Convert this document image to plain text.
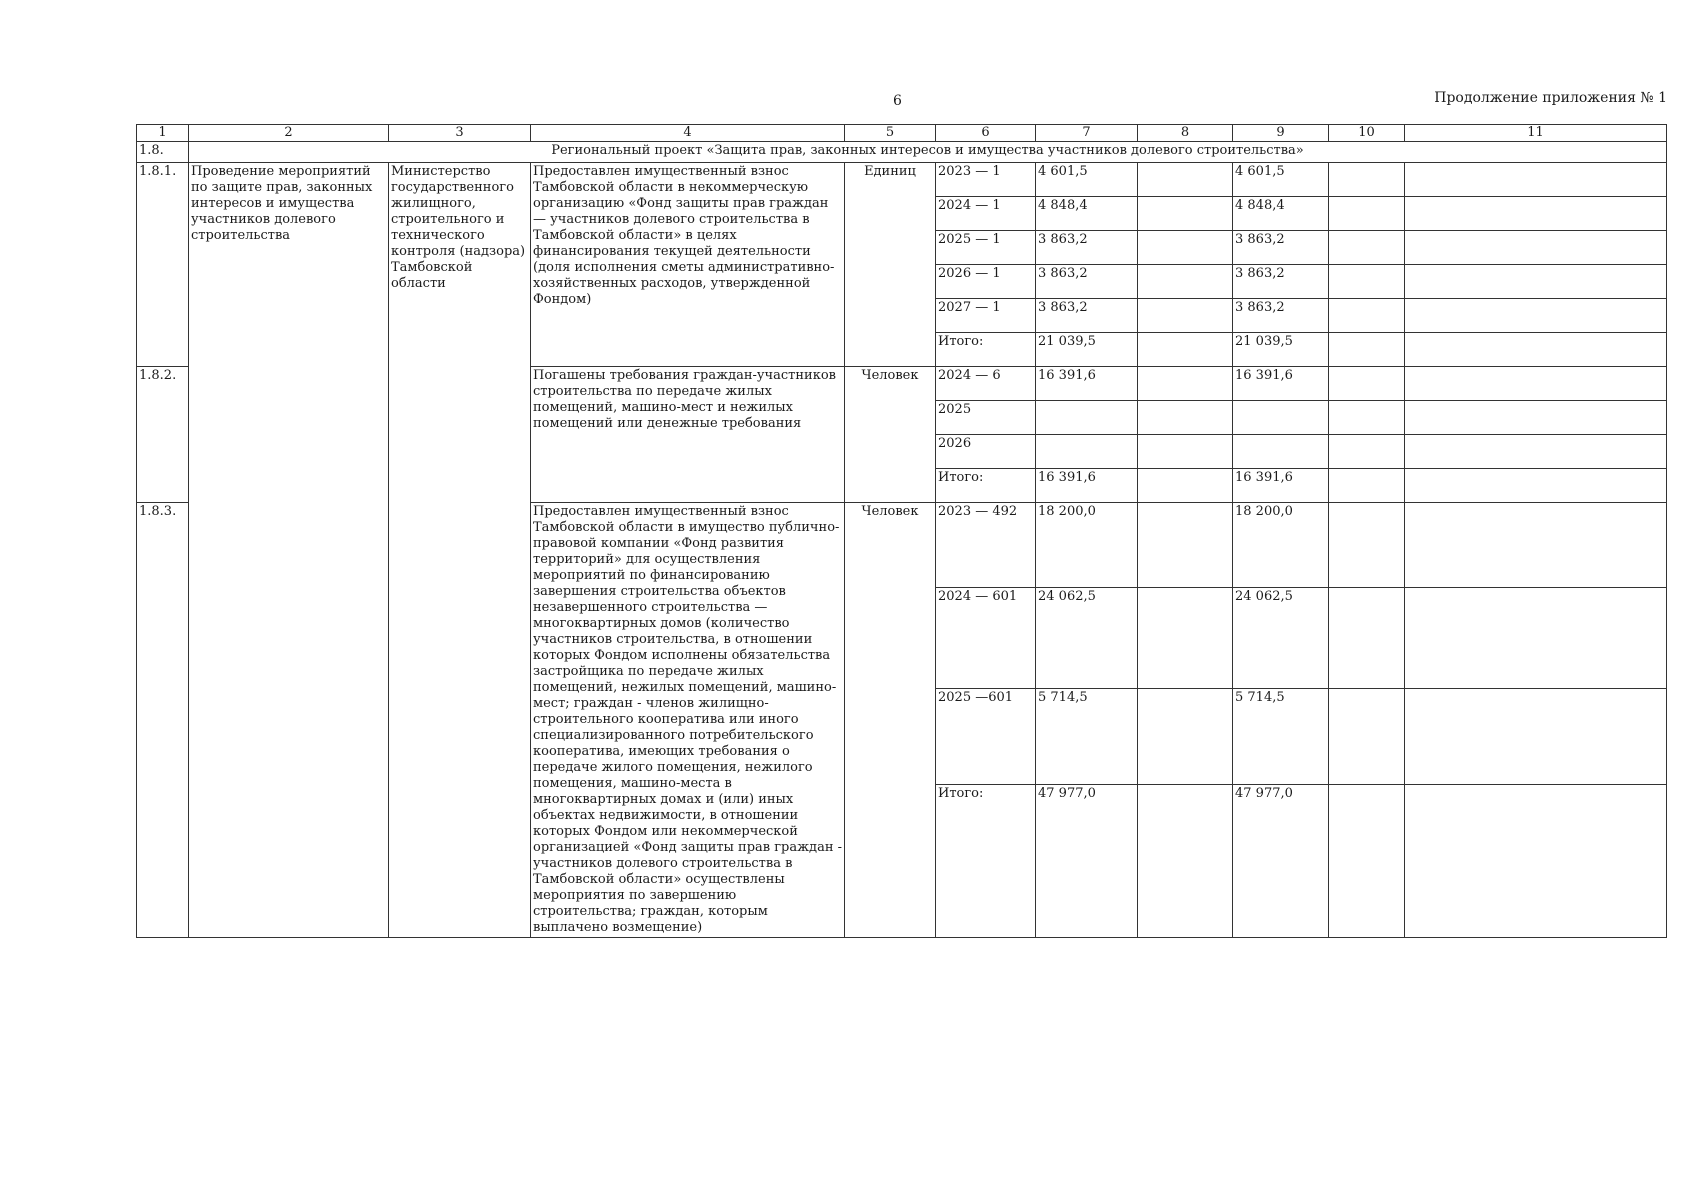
6	Продолжение приложения № 1
1	2	3	4	5	6	7	8	9	10	11
1.8.	Региональный проект «Защита прав, законных интересов и имущества участников долевого строительства»									
1.8.1.	Проведение мероприятий по защите прав, законных интересов и имущества участников долевого строительства	Министерство государственного жилищного, строительного и технического контроля (надзора) Тамбовской области	Предоставлен имущественный взнос Тамбовской области в некоммерческую организацию «Фонд защиты прав граждан — участников долевого строительства в Тамбовской области» в целях финансирования текущей деятельности (доля исполнения сметы административно-хозяйственных расходов, утвержденной Фондом)	Единиц	2023 — 1	4 601,5		4 601,5		
					2024 — 1	4 848,4		4 848,4		
					2025 — 1	3 863,2		3 863,2		
					2026 — 1	3 863,2		3 863,2		
					2027 — 1	3 863,2		3 863,2		
					Итого:	21 039,5		21 039,5		
1.8.2.			Погашены требования граждан-участников строительства по передаче жилых помещений, машино-мест и нежилых помещений или денежные требования	Человек	2024 — 6	16 391,6		16 391,6		
					2025					
					2026					
					Итого:	16 391,6		16 391,6		
1.8.3.			Предоставлен имущественный взнос Тамбовской области в имущество публично-правовой компании «Фонд развития территорий» для осуществления мероприятий по финансированию завершения строительства объектов незавершенного строительства — многоквартирных домов (количество участников строительства, в отношении которых Фондом исполнены обязательства застройщика по передаче жилых помещений, нежилых помещений, машино-мест; граждан - членов жилищно-строительного кооператива или иного специализированного потребительского кооператива, имеющих требования о передаче жилого помещения, нежилого помещения, машино-места в многоквартирных домах и (или) иных объектах недвижимости, в отношении которых Фондом или некоммерческой организацией «Фонд защиты прав граждан - участников долевого строительства в Тамбовской области» осуществлены мероприятия по завершению строительства; граждан, которым выплачено возмещение)	Человек	2023 — 492	18 200,0		18 200,0		
					2024 — 601	24 062,5		24 062,5		
					2025 —601	5 714,5		5 714,5		
					Итого:	47 977,0		47 977,0		
